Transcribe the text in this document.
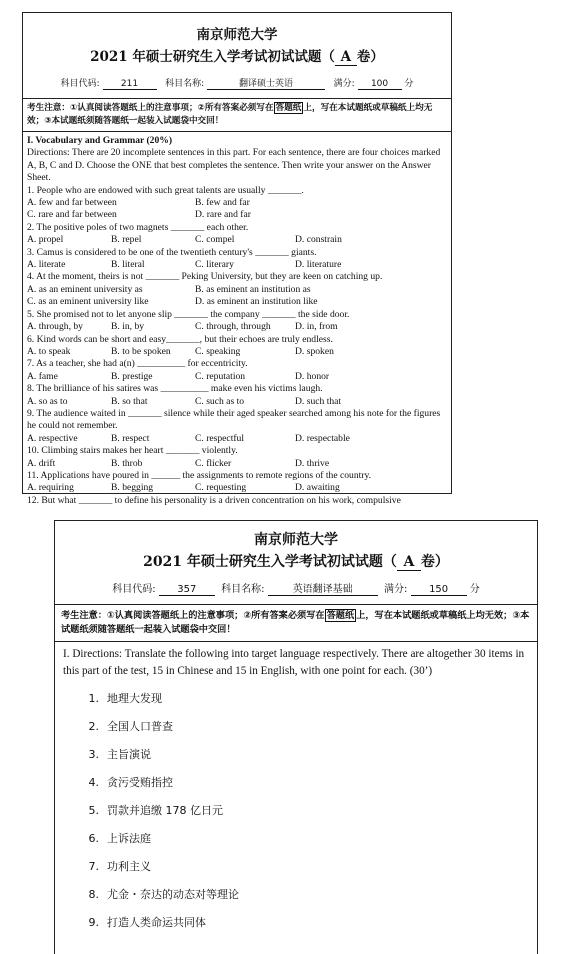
南京师范大学
2021 年硕士研究生入学考试初试试题（ A 卷）
科目代码: 211	科目名称:	翻译硕士英语	满分: 100 分
考生注意：①认真阅读答题纸上的注意事项；②所有答案必须写在 答题纸 上，写在本试题纸或草稿纸上均无效；③本试题纸须随答题纸一起装入试题袋中交回！
I. Vocabulary and Grammar (20%)
Directions: There are 20 incomplete sentences in this part. For each sentence, there are four choices marked A, B, C and D. Choose the ONE that best completes the sentence. Then write your answer on the Answer Sheet.
1. People who are endowed with such great talents are usually _______.
A. few and far between	B. few and far
C. rare and far between	D. rare and far
2. The positive poles of two magnets _______ each other.
A. propel	B. repel	C. compel	D. constrain
3. Camus is considered to be one of the twentieth century's _______ giants.
A. literate	B. literal	C. literary	D. literature
4. At the moment, theirs is not _______ Peking University, but they are keen on catching up.
A. as an eminent university as	B. as eminent an institution as
C. as an eminent university like	D. as eminent an institution like
5. She promised not to let anyone slip _______ the company _______ the side door.
A. through, by	B. in, by	C. through, through	D. in, from
6. Kind words can be short and easy_______, but their echoes are truly endless.
A. to speak	B. to be spoken	C. speaking	D. spoken
7. As a teacher, she had a(n) __________ for eccentricity.
A. fame	B. prestige	C. reputation	D. honor
8. The brilliance of his satires was __________ make even his victims laugh.
A. so as to	B. so that	C. such as to	D. such that
9. The audience waited in _______ silence while their aged speaker searched among his note for the figures he could not remember.
A. respective	B. respect	C. respectful	D. respectable
10. Climbing stairs makes her heart _______ violently.
A. drift	B. throb	C. flicker	D. thrive
11. Applications have poured in ______ the assignments to remote regions of the country.
A. requiring	B. begging	C. requesting	D. awaiting
12. But what _______ to define his personality is a driven concentration on his work, compulsive
南京师范大学
2021 年硕士研究生入学考试初试试题（ A 卷）
科目代码: 357 科目名称:	英语翻译基础	满分: 150 分
考生注意：①认真阅读答题纸上的注意事项；②所有答案必须写在 答题纸 上，写在本试题纸或草稿纸上均无效；③本试题纸须随答题纸一起装入试题袋中交回！
I. Directions: Translate the following into target language respectively. There are altogether 30 items in this part of the test, 15 in Chinese and 15 in English, with one point for each. (30’)
1. 地理大发现
2. 全国人口普查
3. 主旨演说
4. 贪污受贿指控
5. 罚款并追缴 178 亿日元
6. 上诉法庭
7. 功利主义
8. 尤金・奈达的动态对等理论
9. 打造人类命运共同体
